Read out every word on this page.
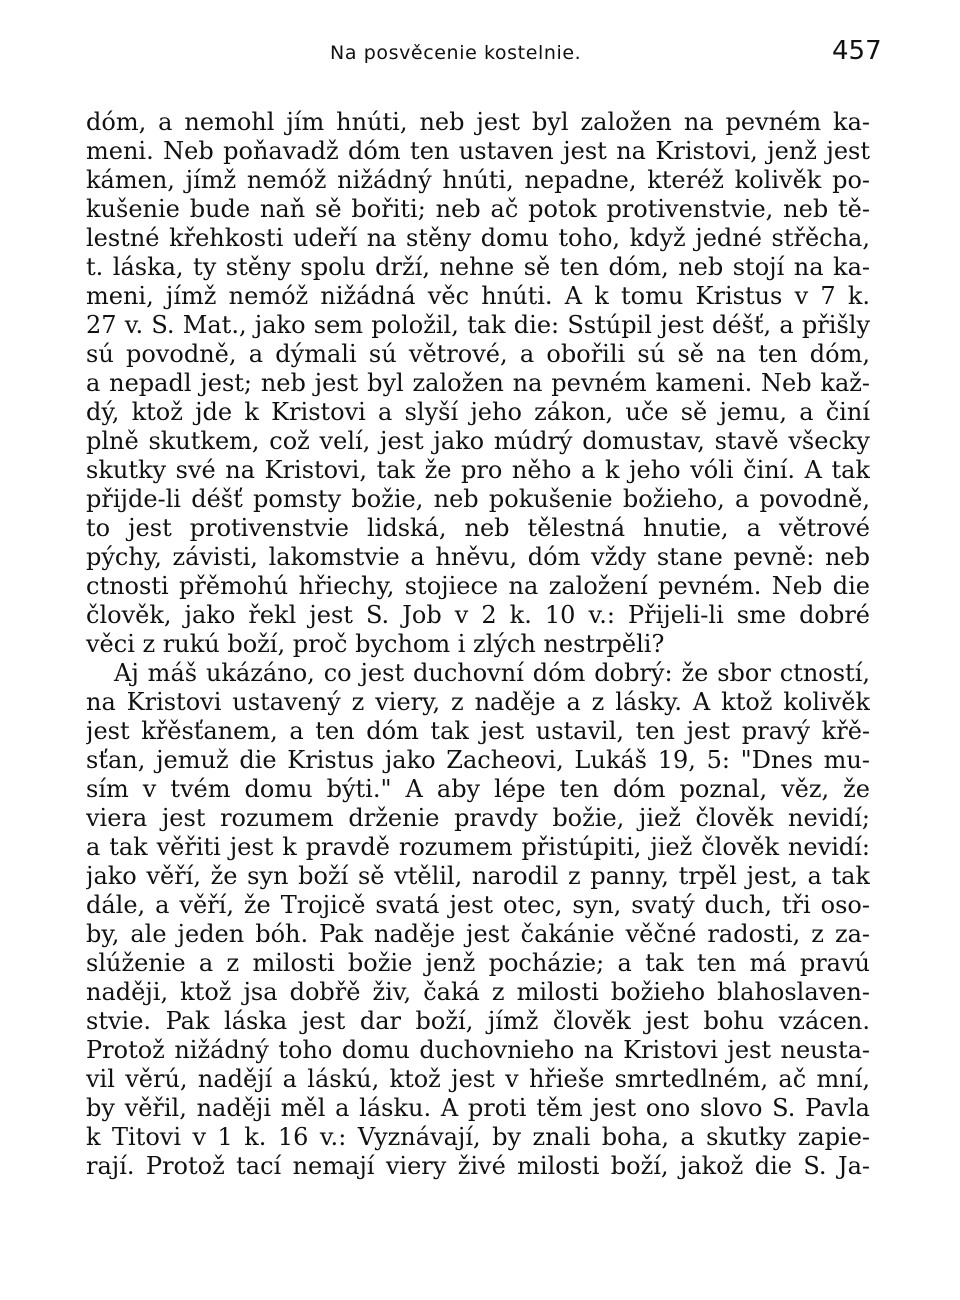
Na posvěcenie kostelnie.	457
dóm, a nemohl jím hnúti, neb jest byl založen na pevném ka-
meni. Neb poňavadž dóm ten ustaven jest na Kristovi, jenž jest
kámen, jímž nemóž nižádný hnúti, nepadne, kteréž kolivěk po-
kušenie bude naň sě bořiti; neb ač potok protivenstvie, neb tě-
lestné křehkosti udeří na stěny domu toho, když jedné střěcha,
t. láska, ty stěny spolu drží, nehne sě ten dóm, neb stojí na ka-
meni, jímž nemóž nižádná věc hnúti. A k tomu Kristus v 7 k.
27 v. S. Mat., jako sem položil, tak die: Sstúpil jest déšť, a přišly
sú povodně, a dýmali sú větrové, a obořili sú sě na ten dóm,
a nepadl jest; neb jest byl založen na pevném kameni. Neb kaž-
dý, ktož jde k Kristovi a slyší jeho zákon, uče sě jemu, a činí
plně skutkem, což velí, jest jako múdrý domustav, stavě všecky
skutky své na Kristovi, tak že pro něho a k jeho vóli činí. A tak
přijde-li déšť pomsty božie, neb pokušenie božieho, a povodně,
to jest protivenstvie lidská, neb tělestná hnutie, a větrové
pýchy, závisti, lakomstvie a hněvu, dóm vždy stane pevně: neb
ctnosti přěmohú hřiechy, stojiece na založení pevném. Neb die
člověk, jako řekl jest S. Job v 2 k. 10 v.: Přijeli-li sme dobré
věci z rukú boží, proč bychom i zlých nestrpěli?
Aj máš ukázáno, co jest duchovní dóm dobrý: že sbor ctností,
na Kristovi ustavený z viery, z naděje a z lásky. A ktož kolivěk
jest křěsťanem, a ten dóm tak jest ustavil, ten jest pravý křě-
sťan, jemuž die Kristus jako Zacheovi, Lukáš 19, 5: "Dnes mu-
sím v tvém domu býti." A aby lépe ten dóm poznal, věz, že
viera jest rozumem drženie pravdy božie, jiež člověk nevidí;
a tak věřiti jest k pravdě rozumem přistúpiti, jiež člověk nevidí:
jako věří, že syn boží sě vtělil, narodil z panny, trpěl jest, a tak
dále, a věří, že Trojicě svatá jest otec, syn, svatý duch, tři oso-
by, ale jeden bóh. Pak naděje jest čakánie věčné radosti, z za-
slúženie a z milosti božie jenž pocházie; a tak ten má pravú
naději, ktož jsa dobřě živ, čaká z milosti božieho blahoslaven-
stvie. Pak láska jest dar boží, jímž člověk jest bohu vzácen.
Protož nižádný toho domu duchovnieho na Kristovi jest neusta-
vil věrú, nadějí a láskú, ktož jest v hřieše smrtedlném, ač mní,
by věřil, naději měl a lásku. A proti těm jest ono slovo S. Pavla
k Titovi v 1 k. 16 v.: Vyznávají, by znali boha, a skutky zapie-
rají. Protož tací nemají viery živé milosti boží, jakož die S. Ja-
